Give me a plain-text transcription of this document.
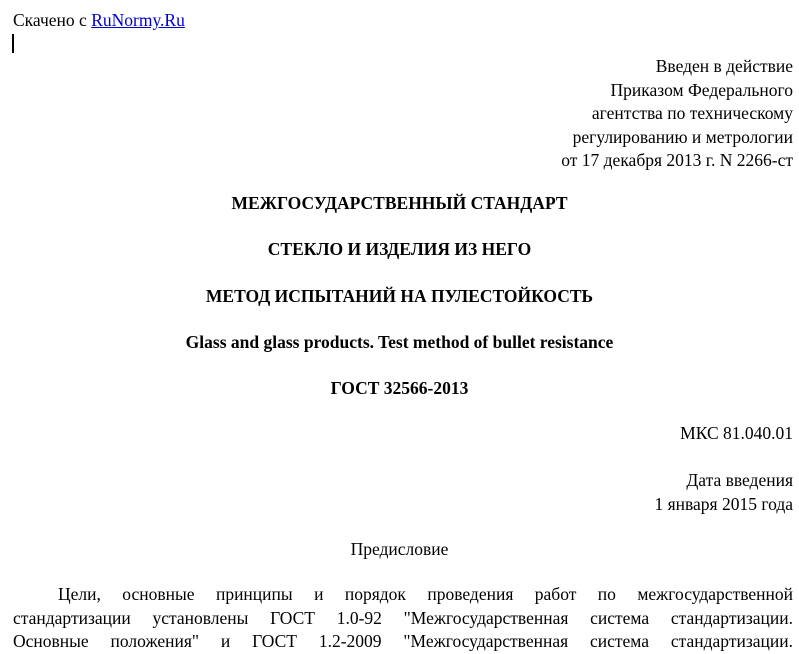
Скачено с RuNormy.Ru
Введен в действие
Приказом Федерального
агентства по техническому
регулированию и метрологии
от 17 декабря 2013 г. N 2266-ст
МЕЖГОСУДАРСТВЕННЫЙ СТАНДАРТ
СТЕКЛО И ИЗДЕЛИЯ ИЗ НЕГО
МЕТОД ИСПЫТАНИЙ НА ПУЛЕСТОЙКОСТЬ
Glass and glass products. Test method of bullet resistance
ГОСТ 32566-2013
МКС 81.040.01
Дата введения
1 января 2015 года
Предисловие
Цели, основные принципы и порядок проведения работ по межгосударственной
стандартизации установлены ГОСТ 1.0-92 "Межгосударственная система стандартизации.
Основные положения" и ГОСТ 1.2-2009 "Межгосударственная система стандартизации.
